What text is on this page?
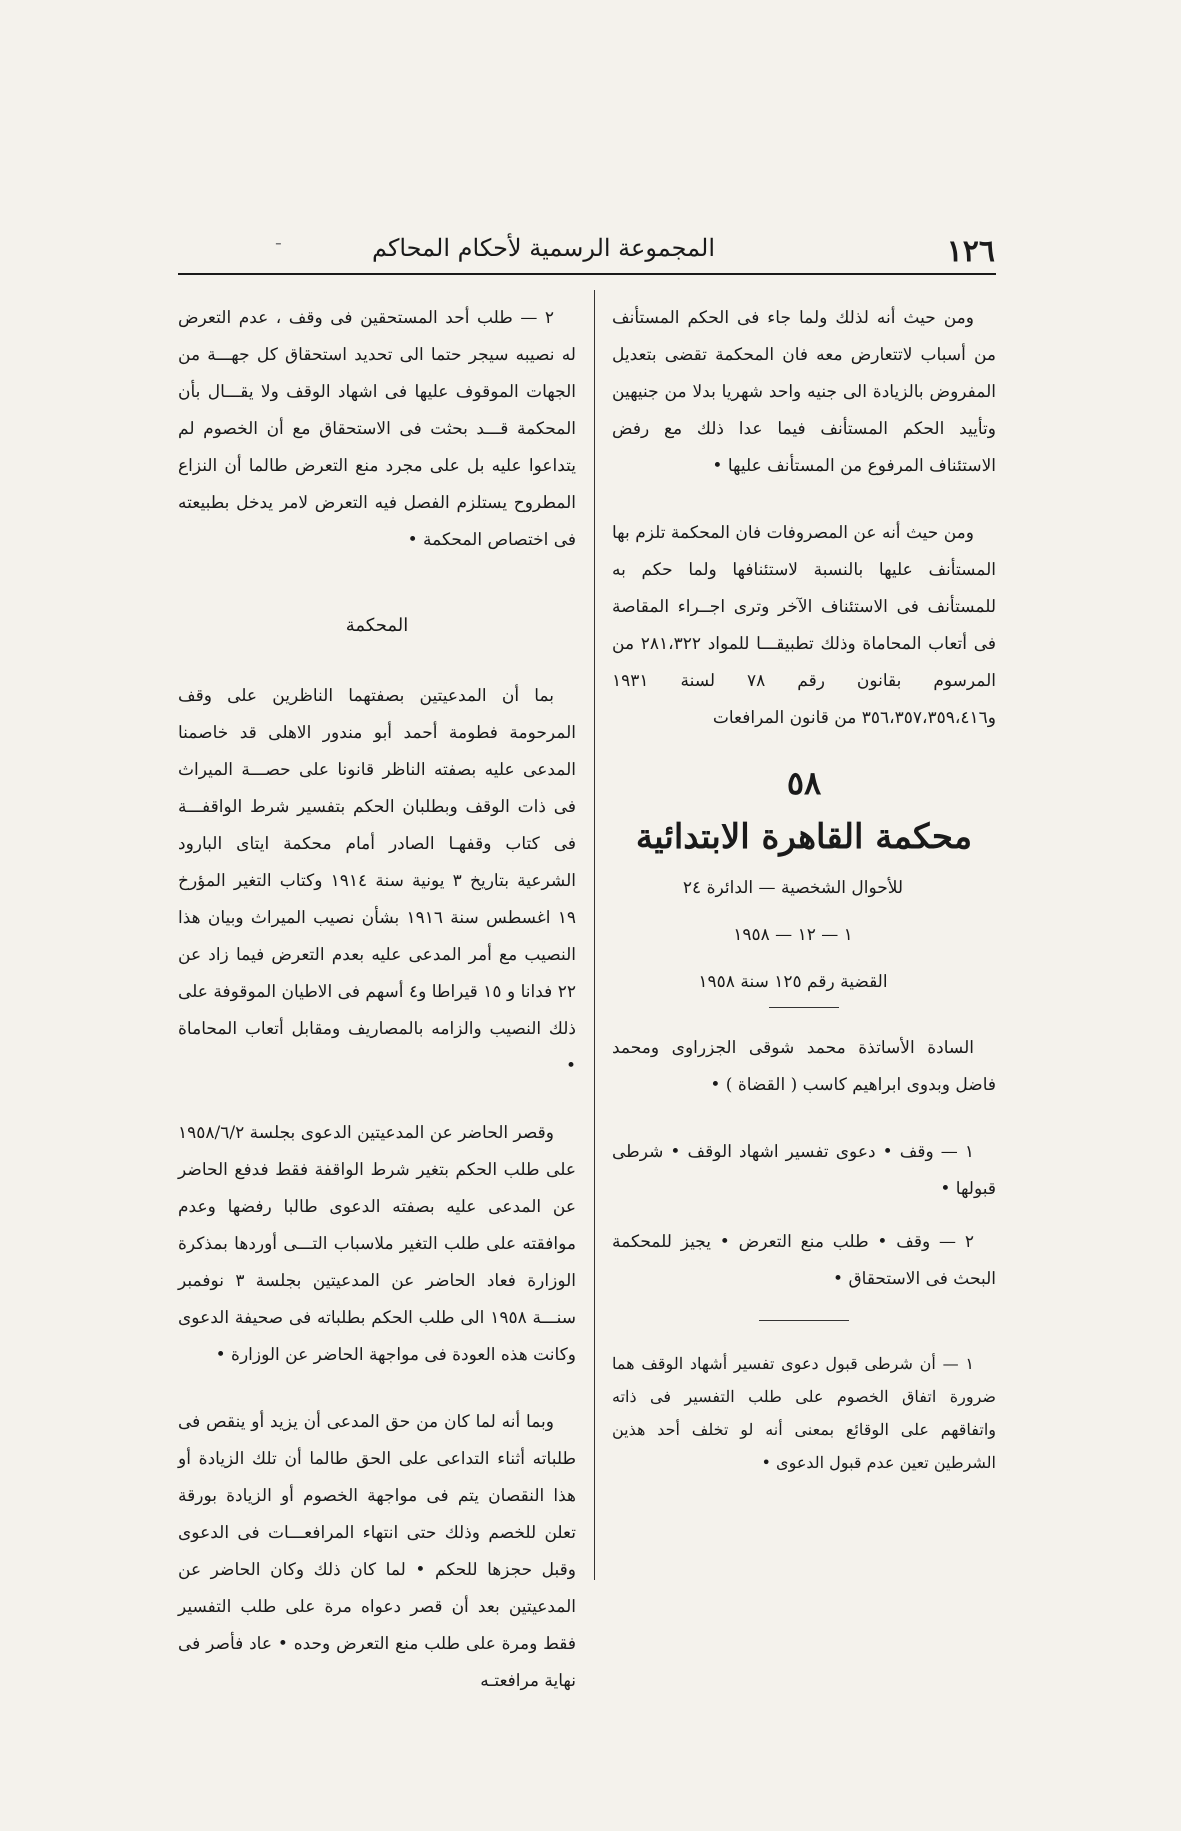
١٢٦
المجموعة الرسمية لأحكام المحاكم
-

ومن حيث أنه لذلك ولما جاء فى الحكم المستأنف من أسباب لاتتعارض معه فان المحكمة تقضى بتعديل المفروض بالزيادة الى جنيه واحد شهريا بدلا من جنيهين وتأييد الحكم المستأنف فيما عدا ذلك مع رفض الاستئناف المرفوع من المستأنف عليها •

ومن حيث أنه عن المصروفات فان المحكمة تلزم بها المستأنف عليها بالنسبة لاستئنافها ولما حكم به للمستأنف فى الاستئناف الآخر وترى اجــراء المقاصة فى أتعاب المحاماة وذلك تطبيقـــا للمواد ٢٨١،٣٢٢ من المرسوم بقانون رقم ٧٨ لسنة ١٩٣١ و٣٥٦،٣٥٧،٣٥٩،٤١٦ من قانون المرافعات

٥٨
محكمة القاهرة الابتدائية

للأحوال الشخصية — الدائرة ٢٤

١ — ١٢ — ١٩٥٨

القضية رقم ١٢٥ سنة ١٩٥٨

السادة الأساتذة محمد شوقى الجزراوى ومحمد فاضل وبدوى ابراهيم كاسب ( القضاة ) •

١ — وقف • دعوى تفسير اشهاد الوقف • شرطى قبولها •

٢ — وقف • طلب منع التعرض • يجيز للمحكمة البحث فى الاستحقاق •

١ — أن شرطى قبول دعوى تفسير أشهاد الوقف هما ضرورة اتفاق الخصوم على طلب التفسير فى ذاته واتفاقهم على الوقائع بمعنى أنه لو تخلف أحد هذين الشرطين تعين عدم قبول الدعوى •

٢ — طلب أحد المستحقين فى وقف ، عدم التعرض له نصيبه سيجر حتما الى تحديد استحقاق كل جهـــة من الجهات الموقوف عليها فى اشهاد الوقف ولا يقـــال بأن المحكمة قـــد بحثت فى الاستحقاق مع أن الخصوم لم يتداعوا عليه بل على مجرد منع التعرض طالما أن النزاع المطروح يستلزم الفصل فيه التعرض لامر يدخل بطبيعته فى اختصاص المحكمة •

المحكمة

بما أن المدعيتين بصفتهما الناظرين على وقف المرحومة فطومة أحمد أبو مندور الاهلى قد خاصمنا المدعى عليه بصفته الناظر قانونا على حصـــة الميراث فى ذات الوقف وبطلبان الحكم بتفسير شرط الواقفـــة فى كتاب وقفهـا الصادر أمام محكمة ايتاى البارود الشرعية بتاريخ ٣ يونية سنة ١٩١٤ وكتاب التغير المؤرخ ١٩ اغسطس سنة ١٩١٦ بشأن نصيب الميراث وبيان هذا النصيب مع أمر المدعى عليه بعدم التعرض فيما زاد عن ٢٢ فدانا و ١٥ قيراطا و٤ أسهم فى الاطيان الموقوفة على ذلك النصيب والزامه بالمصاريف ومقابل أتعاب المحاماة •

وقصر الحاضر عن المدعيتين الدعوى بجلسة ١٩٥٨/٦/٢ على طلب الحكم بتغير شرط الواقفة فقط فدفع الحاضر عن المدعى عليه بصفته الدعوى طالبا رفضها وعدم موافقته على طلب التغير ملاسباب التـــى أوردها بمذكرة الوزارة فعاد الحاضر عن المدعيتين بجلسة ٣ نوفمبر سنـــة ١٩٥٨ الى طلب الحكم بطلباته فى صحيفة الدعوى وكانت هذه العودة فى مواجهة الحاضر عن الوزارة •

وبما أنه لما كان من حق المدعى أن يزيد أو ينقص فى طلباته أثناء التداعى على الحق طالما أن تلك الزيادة أو هذا النقصان يتم فى مواجهة الخصوم أو الزيادة بورقة تعلن للخصم وذلك حتى انتهاء المرافعـــات فى الدعوى وقبل حجزها للحكم • لما كان ذلك وكان الحاضر عن المدعيتين بعد أن قصر دعواه مرة على طلب التفسير فقط ومرة على طلب منع التعرض وحده • عاد فأصر فى نهاية مرافعتـه
